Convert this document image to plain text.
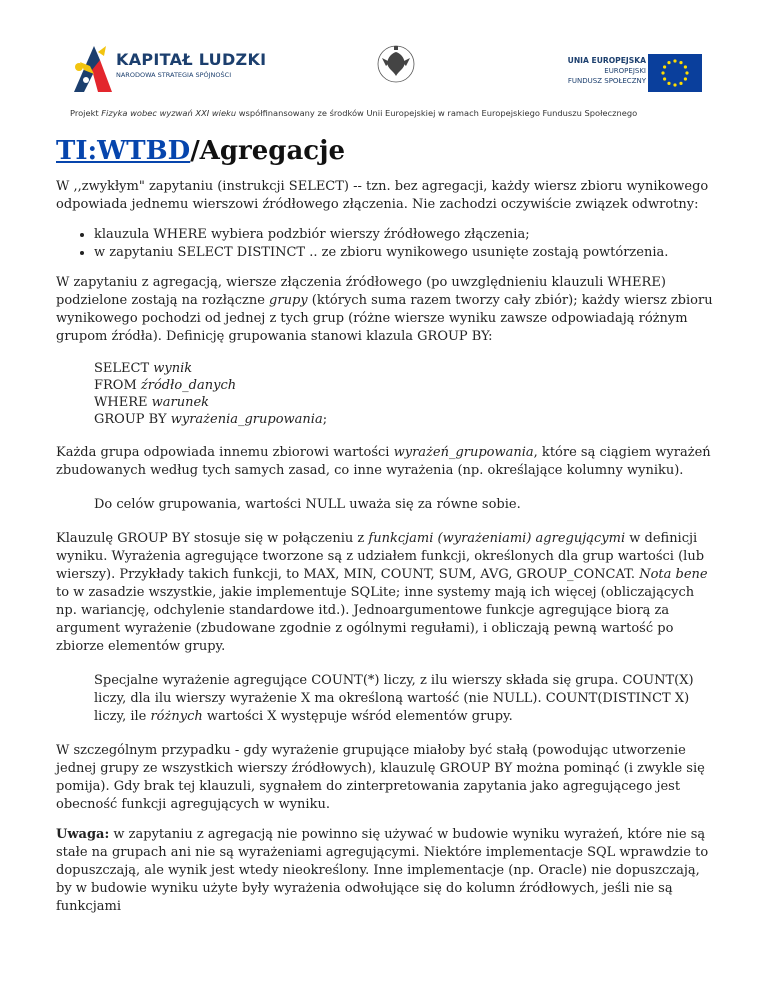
KAPITAŁ LUDZKI
NARODOWA STRATEGIA SPÓJNOŚCI
UNIA EUROPEJSKA
EUROPEJSKI
FUNDUSZ SPOŁECZNY
Projekt Fizyka wobec wyzwań XXI wieku współfinansowany ze środków Unii Europejskiej w ramach Europejskiego Funduszu Społecznego
TI:WTBD/Agregacje

W ,,zwykłym" zapytaniu (instrukcji SELECT) -- tzn. bez agregacji, każdy wiersz zbioru wynikowego odpowiada jednemu wierszowi źródłowego złączenia. Nie zachodzi oczywiście związek odwrotny:

• klauzula WHERE wybiera podzbiór wierszy źródłowego złączenia;
• w zapytaniu SELECT DISTINCT .. ze zbioru wynikowego usunięte zostają powtórzenia.

W zapytaniu z agregacją, wiersze złączenia źródłowego (po uwzględnieniu klauzuli WHERE) podzielone zostają na rozłączne grupy (których suma razem tworzy cały zbiór); każdy wiersz zbioru wynikowego pochodzi od jednej z tych grup (różne wiersze wyniku zawsze odpowiadają różnym grupom źródła). Definicję grupowania stanowi klazula GROUP BY:

SELECT wynik
FROM źródło_danych
WHERE warunek
GROUP BY wyrażenia_grupowania;

Każda grupa odpowiada innemu zbiorowi wartości wyrażeń_grupowania, które są ciągiem wyrażeń zbudowanych według tych samych zasad, co inne wyrażenia (np. określające kolumny wyniku).

Do celów grupowania, wartości NULL uważa się za równe sobie.

Klauzulę GROUP BY stosuje się w połączeniu z funkcjami (wyrażeniami) agregującymi w definicji wyniku. Wyrażenia agregujące tworzone są z udziałem funkcji, określonych dla grup wartości (lub wierszy). Przykłady takich funkcji, to MAX, MIN, COUNT, SUM, AVG, GROUP_CONCAT. Nota bene to w zasadzie wszystkie, jakie implementuje SQLite; inne systemy mają ich więcej (obliczających np. wariancję, odchylenie standardowe itd.). Jednoargumentowe funkcje agregujące biorą za argument wyrażenie (zbudowane zgodnie z ogólnymi regułami), i obliczają pewną wartość po zbiorze elementów grupy.

Specjalne wyrażenie agregujące COUNT(*) liczy, z ilu wierszy składa się grupa. COUNT(X) liczy, dla ilu wierszy wyrażenie X ma określoną wartość (nie NULL). COUNT(DISTINCT X) liczy, ile różnych wartości X występuje wśród elementów grupy.

W szczególnym przypadku - gdy wyrażenie grupujące miałoby być stałą (powodując utworzenie jednej grupy ze wszystkich wierszy źródłowych), klauzulę GROUP BY można pominąć (i zwykle się pomija). Gdy brak tej klauzuli, sygnałem do zinterpretowania zapytania jako agregującego jest obecność funkcji agregujących w wyniku.

Uwaga: w zapytaniu z agregacją nie powinno się używać w budowie wyniku wyrażeń, które nie są stałe na grupach ani nie są wyrażeniami agregującymi. Niektóre implementacje SQL wprawdzie to dopuszczają, ale wynik jest wtedy nieokreślony. Inne implementacje (np. Oracle) nie dopuszczają, by w budowie wyniku użyte były wyrażenia odwołujące się do kolumn źródłowych, jeśli nie są funkcjami
